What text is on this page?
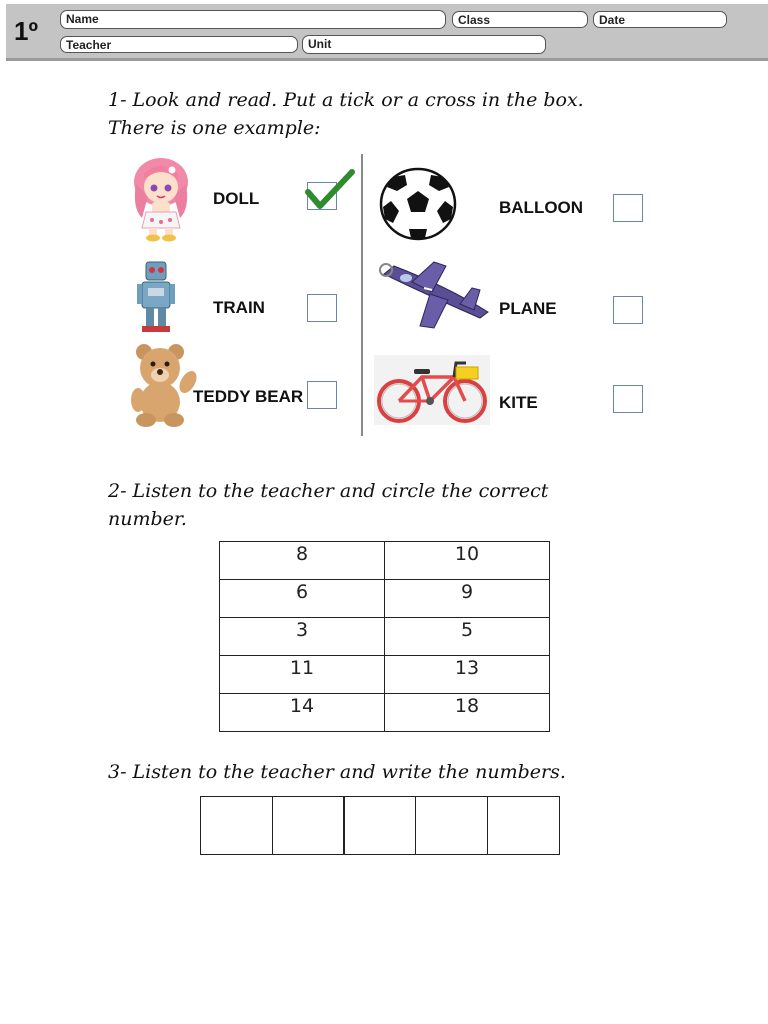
1º	Name	Class	Date
Teacher	Unit
1- Look and read. Put a tick or a cross in the box.
There is one example:
DOLL
TRAIN
TEDDY BEAR
BALLOON
PLANE
KITE
2- Listen to the teacher and circle the correct
number.
8	10
6	9
3	5
11	13
14	18
3- Listen to the teacher and write the numbers.
